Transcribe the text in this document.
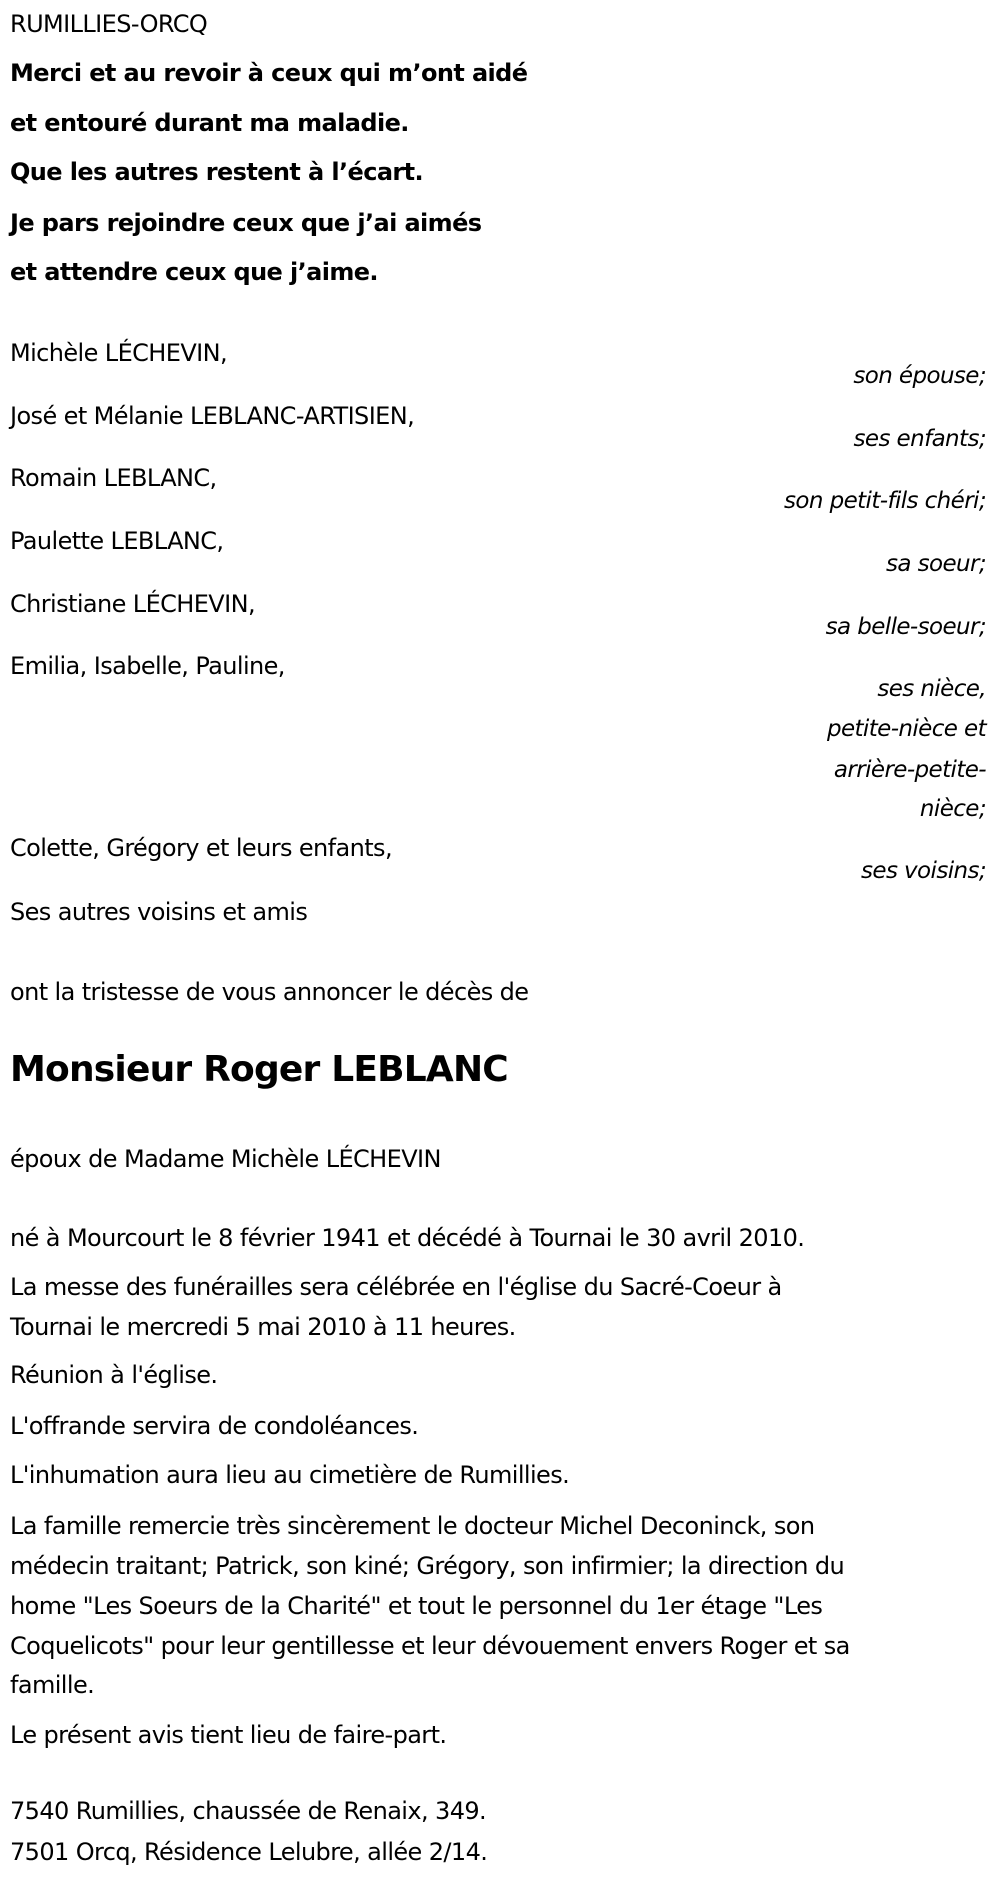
RUMILLIES-ORCQ
Merci et au revoir à ceux qui m’ont aidé
et entouré durant ma maladie.
Que les autres restent à l’écart.
Je pars rejoindre ceux que j’ai aimés
et attendre ceux que j’aime.
Michèle LÉCHEVIN,
son épouse;
José et Mélanie LEBLANC-ARTISIEN,
ses enfants;
Romain LEBLANC,
son petit-fils chéri;
Paulette LEBLANC,
sa soeur;
Christiane LÉCHEVIN,
sa belle-soeur;
Emilia, Isabelle, Pauline,
ses nièce,
petite-nièce et
arrière-petite-
nièce;
Colette, Grégory et leurs enfants,
ses voisins;
Ses autres voisins et amis
ont la tristesse de vous annoncer le décès de
Monsieur Roger LEBLANC
époux de Madame Michèle LÉCHEVIN
né à Mourcourt le 8 février 1941 et décédé à Tournai le 30 avril 2010.
La messe des funérailles sera célébrée en l'église du Sacré-Coeur à
Tournai le mercredi 5 mai 2010 à 11 heures.
Réunion à l'église.
L'offrande servira de condoléances.
L'inhumation aura lieu au cimetière de Rumillies.
La famille remercie très sincèrement le docteur Michel Deconinck, son
médecin traitant; Patrick, son kiné; Grégory, son infirmier; la direction du
home "Les Soeurs de la Charité" et tout le personnel du 1er étage "Les
Coquelicots" pour leur gentillesse et leur dévouement envers Roger et sa
famille.
Le présent avis tient lieu de faire-part.
7540 Rumillies, chaussée de Renaix, 349.
7501 Orcq, Résidence Lelubre, allée 2/14.
